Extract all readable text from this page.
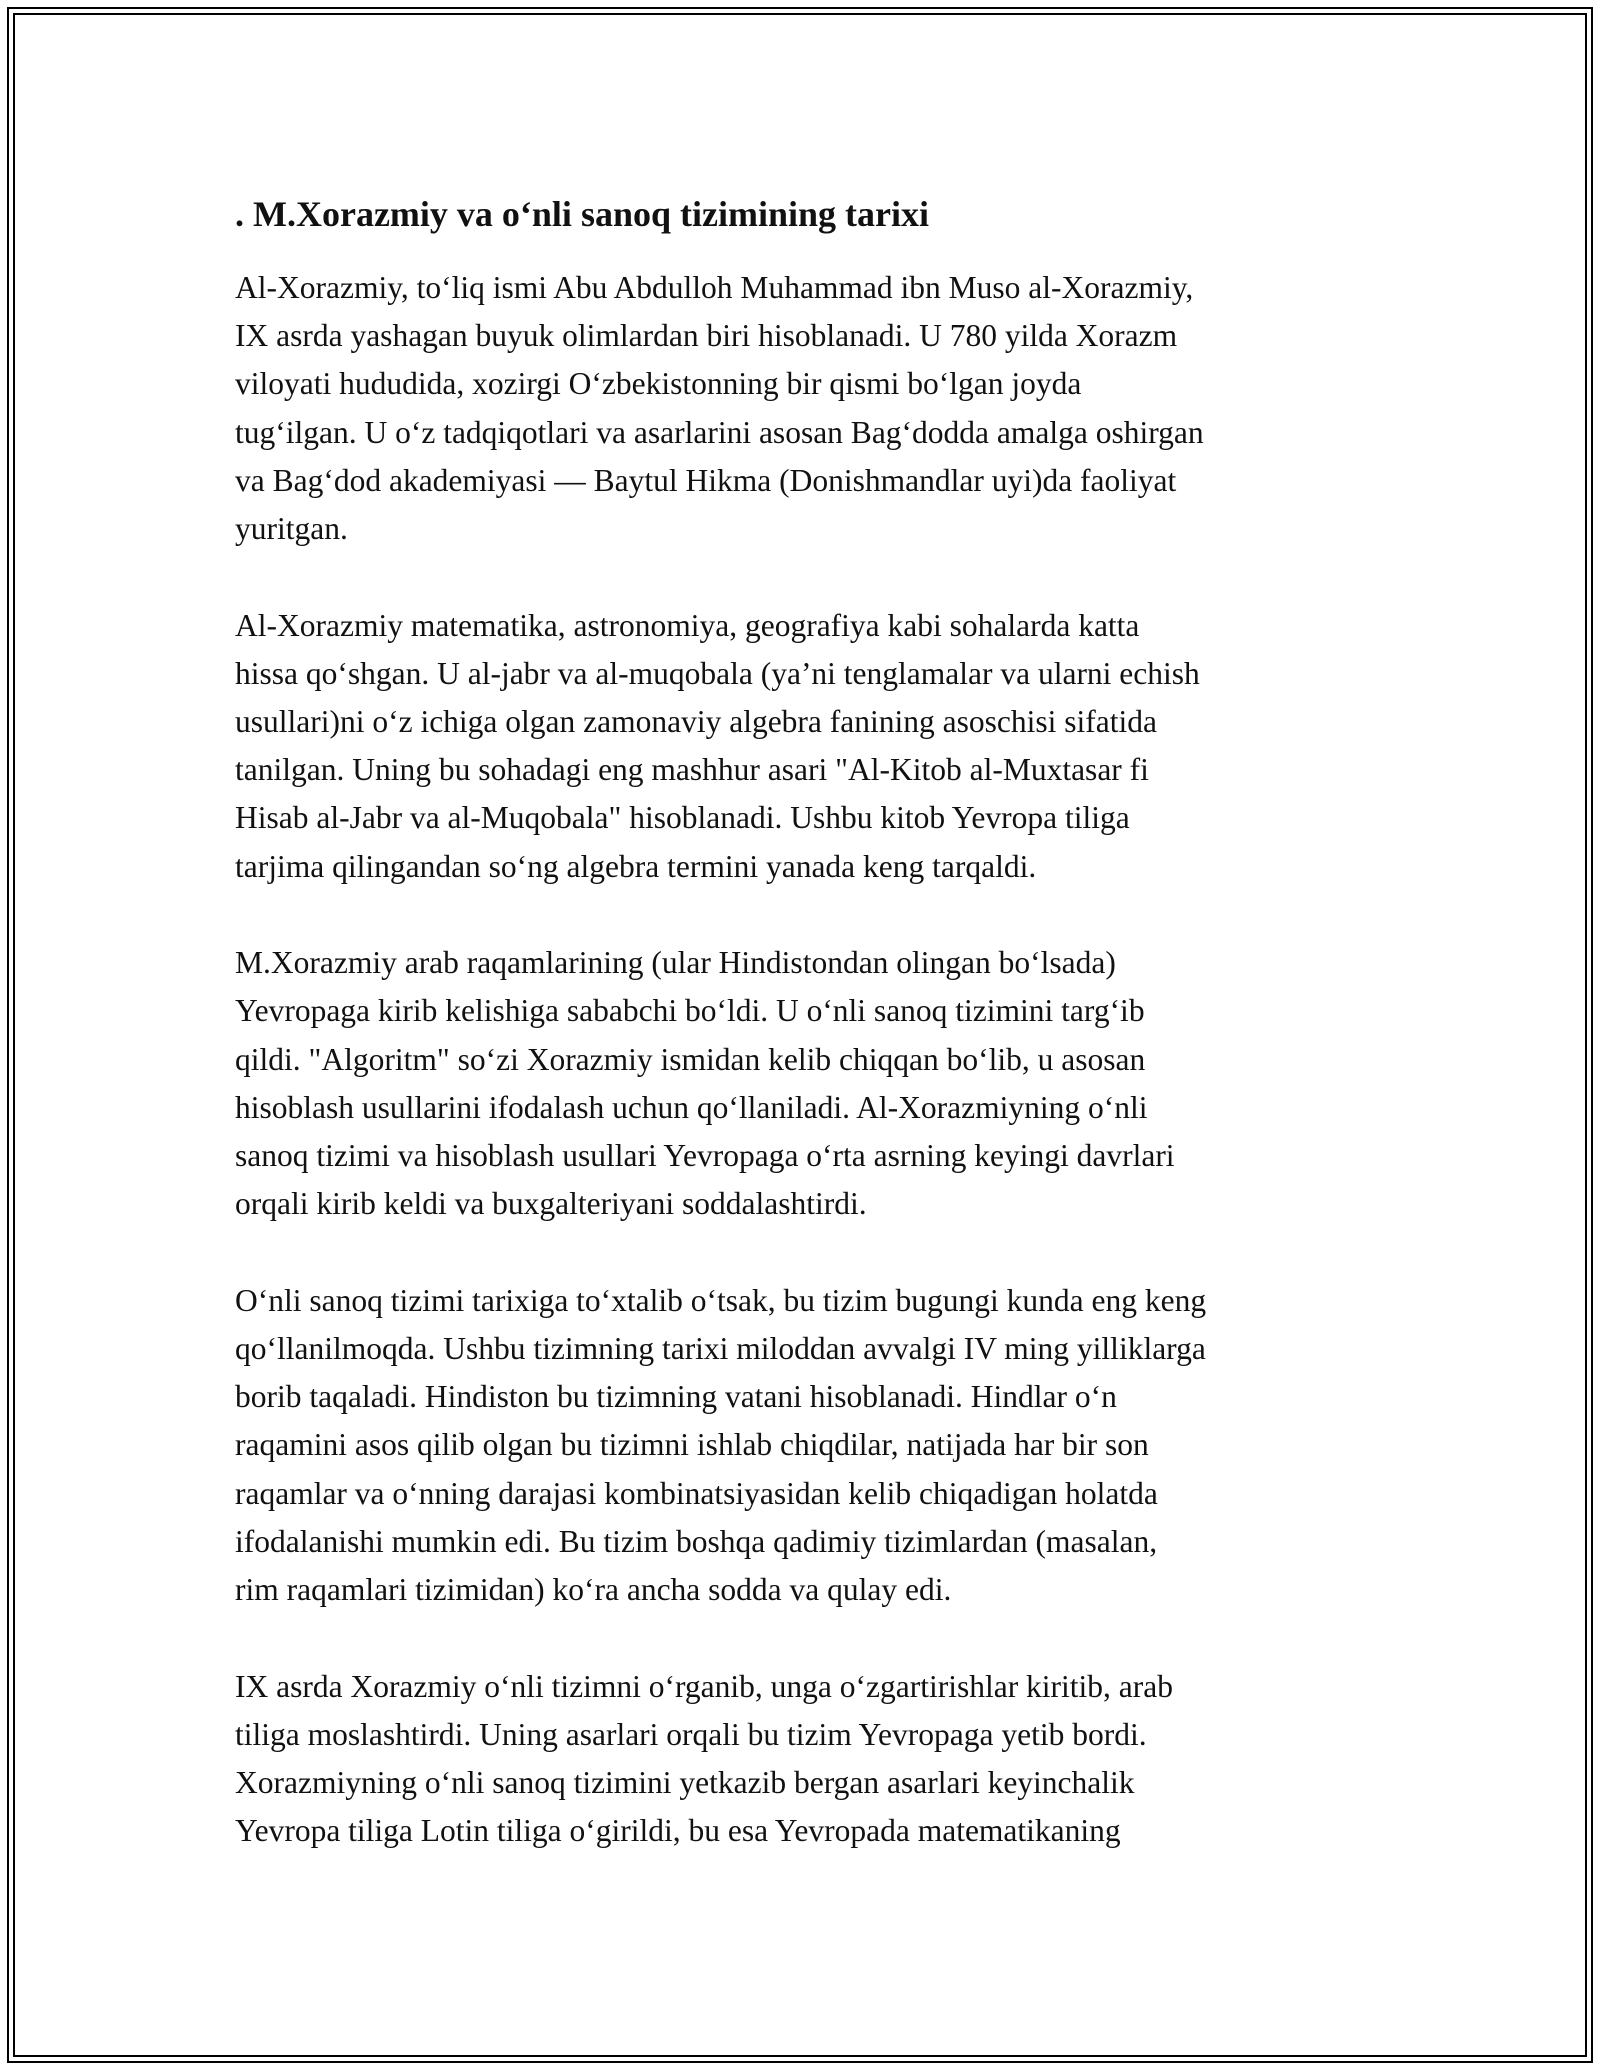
. M.Xorazmiy va o‘nli sanoq tizimining tarixi

Al-Xorazmiy, to‘liq ismi Abu Abdulloh Muhammad ibn Muso al-Xorazmiy,
IX asrda yashagan buyuk olimlardan biri hisoblanadi. U 780 yilda Xorazm
viloyati hududida, xozirgi O‘zbekistonning bir qismi bo‘lgan joyda
tug‘ilgan. U o‘z tadqiqotlari va asarlarini asosan Bag‘dodda amalga oshirgan
va Bag‘dod akademiyasi — Baytul Hikma (Donishmandlar uyi)da faoliyat
yuritgan.

Al-Xorazmiy matematika, astronomiya, geografiya kabi sohalarda katta
hissa qo‘shgan. U al-jabr va al-muqobala (ya’ni tenglamalar va ularni echish
usullari)ni o‘z ichiga olgan zamonaviy algebra fanining asoschisi sifatida
tanilgan. Uning bu sohadagi eng mashhur asari "Al-Kitob al-Muxtasar fi
Hisab al-Jabr va al-Muqobala" hisoblanadi. Ushbu kitob Yevropa tiliga
tarjima qilingandan so‘ng algebra termini yanada keng tarqaldi.

M.Xorazmiy arab raqamlarining (ular Hindistondan olingan bo‘lsada)
Yevropaga kirib kelishiga sababchi bo‘ldi. U o‘nli sanoq tizimini targ‘ib
qildi. "Algoritm" so‘zi Xorazmiy ismidan kelib chiqqan bo‘lib, u asosan
hisoblash usullarini ifodalash uchun qo‘llaniladi. Al-Xorazmiyning o‘nli
sanoq tizimi va hisoblash usullari Yevropaga o‘rta asrning keyingi davrlari
orqali kirib keldi va buxgalteriyani soddalashtirdi.

O‘nli sanoq tizimi tarixiga to‘xtalib o‘tsak, bu tizim bugungi kunda eng keng
qo‘llanilmoqda. Ushbu tizimning tarixi miloddan avvalgi IV ming yilliklarga
borib taqaladi. Hindiston bu tizimning vatani hisoblanadi. Hindlar o‘n
raqamini asos qilib olgan bu tizimni ishlab chiqdilar, natijada har bir son
raqamlar va o‘nning darajasi kombinatsiyasidan kelib chiqadigan holatda
ifodalanishi mumkin edi. Bu tizim boshqa qadimiy tizimlardan (masalan,
rim raqamlari tizimidan) ko‘ra ancha sodda va qulay edi.

IX asrda Xorazmiy o‘nli tizimni o‘rganib, unga o‘zgartirishlar kiritib, arab
tiliga moslashtirdi. Uning asarlari orqali bu tizim Yevropaga yetib bordi.
Xorazmiyning o‘nli sanoq tizimini yetkazib bergan asarlari keyinchalik
Yevropa tiliga Lotin tiliga o‘girildi, bu esa Yevropada matematikaning
